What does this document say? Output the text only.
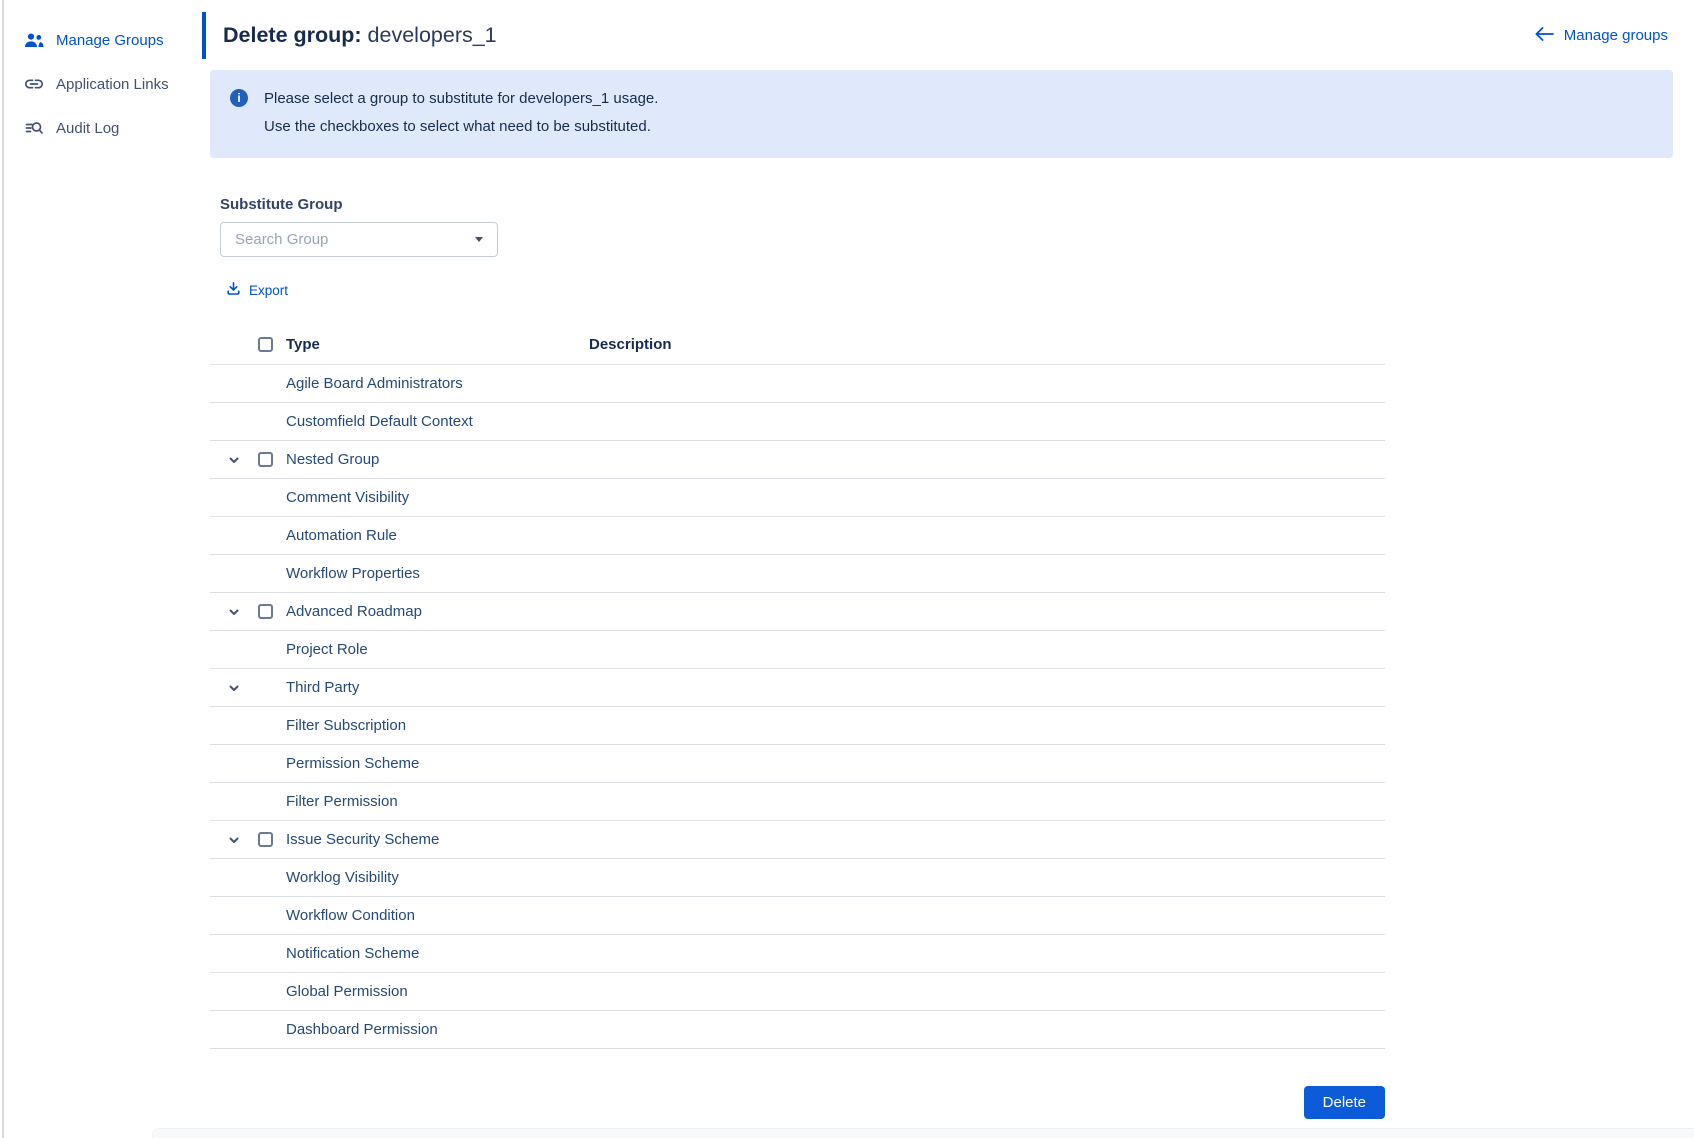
Manage Groups
Application Links
Audit Log
Delete group: developers_1	Manage groups
i	Please select a group to substitute for developers_1 usage.

Use the checkboxes to select what need to be substituted.

Substitute Group
Search Group
Export
		Type	Description
		Agile Board Administrators	
		Customfield Default Context	

		Nested Group	
		Comment Visibility	
		Automation Rule	
		Workflow Properties	

		Advanced Roadmap	
		Project Role	

		Third Party	
		Filter Subscription	
		Permission Scheme	
		Filter Permission	

		Issue Security Scheme	
		Worklog Visibility	
		Workflow Condition	
		Notification Scheme	
		Global Permission	
		Dashboard Permission	
Delete
